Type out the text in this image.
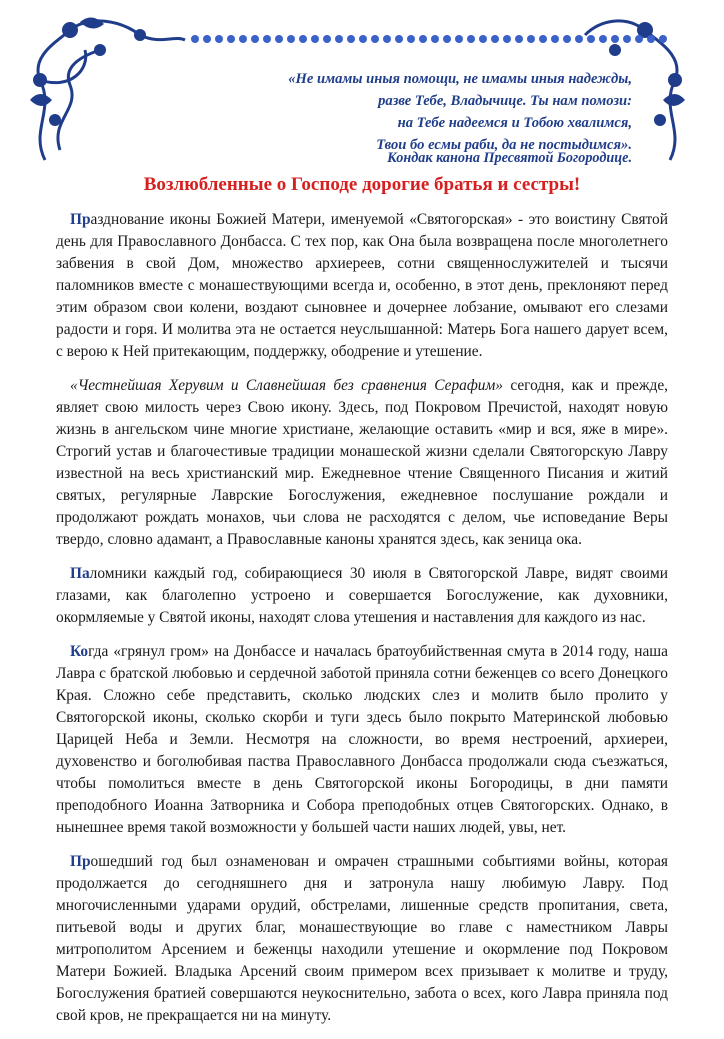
«Не имамы иныя помощи, не имамы иныя надежды,
разве Тебе, Владычице. Ты нам помози:
на Тебе надеемся и Тобою хвалимся,
Твои бо есмы раби, да не постыдимся».
Кондак канона Пресвятой Богородице.
Возлюбленные о Господе дорогие братья и сестры!

Празднование иконы Божией Матери, именуемой «Святогорская» - это воистину Святой день для Православного Донбасса. С тех пор, как Она была возвращена после многолетнего забвения в свой Дом, множество архиереев, сотни священнослужителей и тысячи паломников вместе с монашествующими всегда и, особенно, в этот день, преклоняют перед этим образом свои колени, воздают сыновнее и дочернее лобзание, омывают его слезами радости и горя. И молитва эта не остается неуслышанной: Матерь Бога нашего дарует всем, с верою к Ней притекающим, поддержку, ободрение и утешение.

«Честнейшая Херувим и Славнейшая без сравнения Серафим» сегодня, как и прежде, являет свою милость через Свою икону. Здесь, под Покровом Пречистой, находят новую жизнь в ангельском чине многие христиане, желающие оставить «мир и вся, яже в мире». Строгий устав и благочестивые традиции монашеской жизни сделали Святогорскую Лавру известной на весь христианский мир. Ежедневное чтение Священного Писания и житий святых, регулярные Лаврские Богослужения, ежедневное послушание рождали и продолжают рождать монахов, чьи слова не расходятся с делом, чье исповедание Веры твердо, словно адамант, а Православные каноны хранятся здесь, как зеница ока.

Паломники каждый год, собирающиеся 30 июля в Святогорской Лавре, видят своими глазами, как благолепно устроено и совершается Богослужение, как духовники, окормляемые у Святой иконы, находят слова утешения и наставления для каждого из нас.

Когда «грянул гром» на Донбассе и началась братоубийственная смута в 2014 году, наша Лавра с братской любовью и сердечной заботой приняла сотни беженцев со всего Донецкого Края. Сложно себе представить, сколько людских слез и молитв было пролито у Святогорской иконы, сколько скорби и туги здесь было покрыто Материнской любовью Царицей Неба и Земли. Несмотря на сложности, во время нестроений, архиереи, духовенство и боголюбивая паства Православного Донбасса продолжали сюда съезжаться, чтобы помолиться вместе в день Святогорской иконы Богородицы, в дни памяти преподобного Иоанна Затворника и Собора преподобных отцев Святогорских. Однако, в нынешнее время такой возможности у большей части наших людей, увы, нет.

Прошедший год был ознаменован и омрачен страшными событиями войны, которая продолжается до сегодняшнего дня и затронула нашу любимую Лавру. Под многочисленными ударами орудий, обстрелами, лишенные средств пропитания, света, питьевой воды и других благ, монашествующие во главе с наместником Лавры митрополитом Арсением и беженцы находили утешение и окормление под Покровом Матери Божией. Владыка Арсений своим примером всех призывает к молитве и труду, Богослужения братией совершаются неукоснительно, забота о всех, кого Лавра приняла под свой кров, не прекращается ни на минуту.
